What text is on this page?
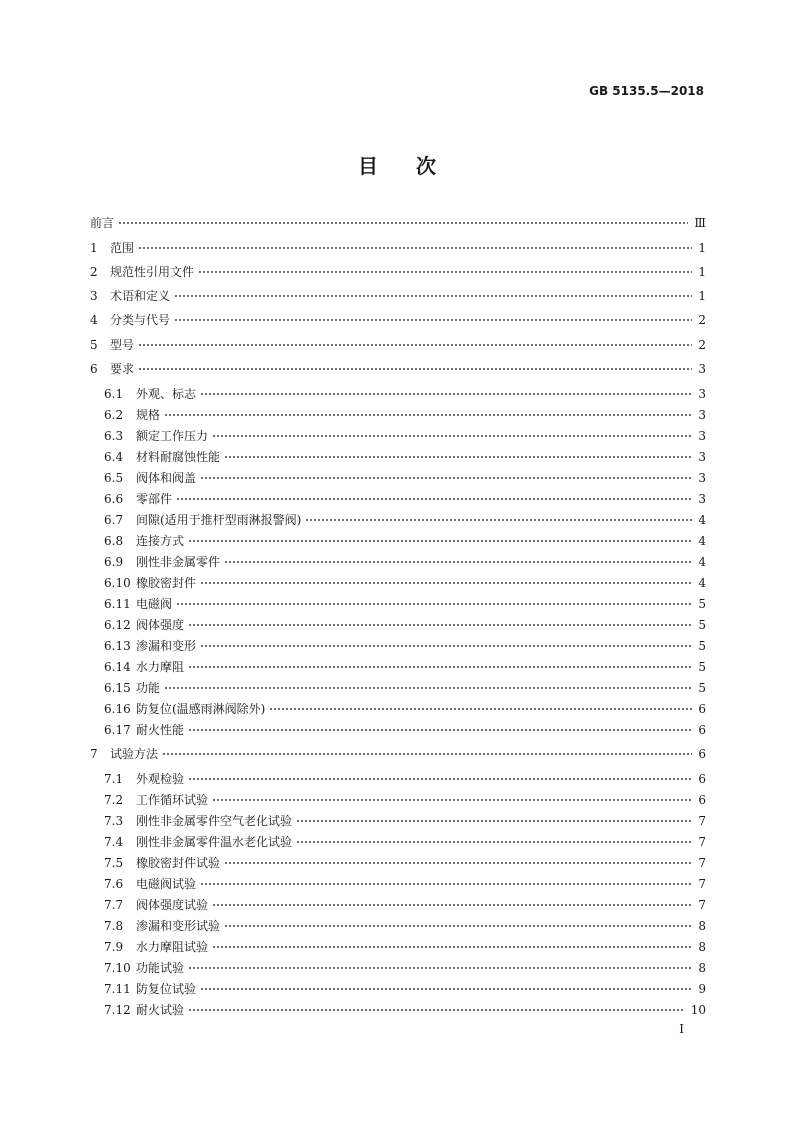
GB 5135.5—2018
目次
前言	Ⅲ
1	范围	1
2	规范性引用文件	1
3	术语和定义	1
4	分类与代号	2
5	型号	2
6	要求	3
6.1	外观、标志	3
6.2	规格	3
6.3	额定工作压力	3
6.4	材料耐腐蚀性能	3
6.5	阀体和阀盖	3
6.6	零部件	3
6.7	间隙(适用于推杆型雨淋报警阀)	4
6.8	连接方式	4
6.9	刚性非金属零件	4
6.10 橡胶密封件	4
6.11 电磁阀	5
6.12 阀体强度	5
6.13 渗漏和变形	5
6.14 水力摩阻	5
6.15 功能	5
6.16 防复位(温感雨淋阀除外)	6
6.17 耐火性能	6
7	试验方法	6
7.1	外观检验	6
7.2	工作循环试验	6
7.3	刚性非金属零件空气老化试验	7
7.4	刚性非金属零件温水老化试验	7
7.5	橡胶密封件试验	7
7.6	电磁阀试验	7
7.7	阀体强度试验	7
7.8	渗漏和变形试验	8
7.9	水力摩阻试验	8
7.10 功能试验	8
7.11 防复位试验	9
7.12 耐火试验	10
I
